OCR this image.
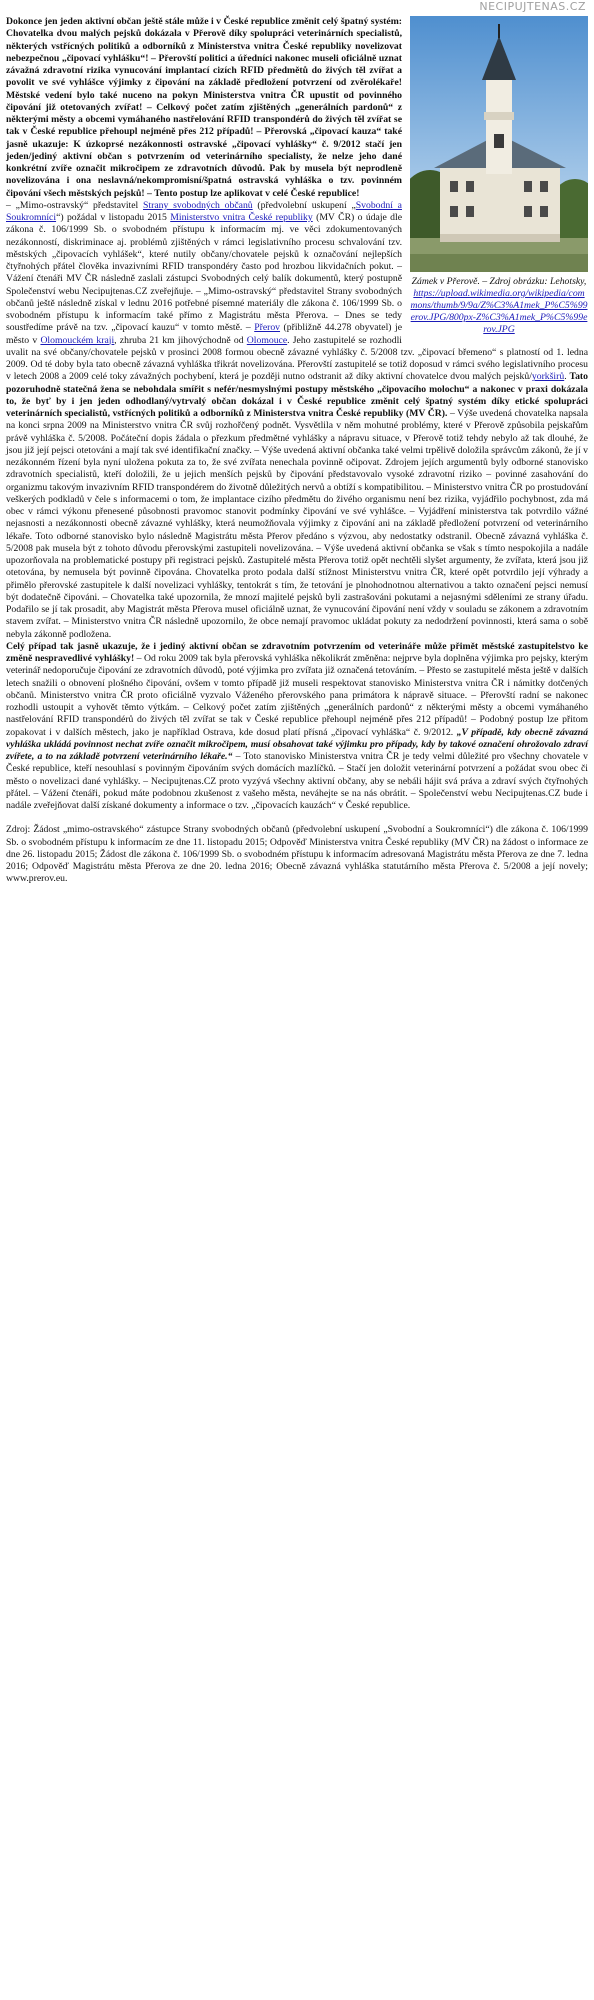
NECIPUJTENAS.CZ
Zámek v Přerově. – Zdroj obrázku: Lehotsky, https://upload.wikimedia.org/wikipedia/commons/thumb/9/9a/Z%C3%A1mek_P%C5%99erov.JPG/800px-Z%C3%A1mek_P%C5%99erov.JPG

Dokonce jen jeden aktivní občan ještě stále může i v České republice změnit celý špatný systém: Chovatelka dvou malých pejsků dokázala v Přerově díky spolupráci veterinárních specialistů, některých vstřícných politiků a odborníků z Ministerstva vnitra České republiky novelizovat nebezpečnou „čipovací vyhlášku“! – Přerovští politici a úředníci nakonec museli oficiálně uznat závažná zdravotní rizika vynucování implantací cizích RFID předmětů do živých těl zvířat a povolit ve své vyhlášce výjimky z čipování na základě předložení potvrzení od zvěrolékaře! Městské vedení bylo také nuceno na pokyn Ministerstva vnitra ČR upustit od povinného čipování již otetovaných zvířat! – Celkový počet zatím zjištěných „generálních pardonů“ z některými městy a obcemi vymáhaného nastřelování RFID transpondérů do živých těl zvířat se tak v České republice přehoupl nejméně přes 212 případů! – Přerovská „čipovací kauza“ také jasně ukazuje: K úzkoprsé nezákonnosti ostravské „čipovací vyhlášky“ č. 9/2012 stačí jen jeden/jediný aktivní občan s potvrzením od veterinárního specialisty, že nelze jeho dané konkrétní zvíře označit mikročipem ze zdravotních důvodů. Pak by musela být neprodleně novelizována i ona neslavná/nekompromisní/špatná ostravská vyhláška o tzv. povinném čipování všech městských pejsků! – Tento postup lze aplikovat v celé České republice!

– „Mimo-ostravský“ představitel Strany svobodných občanů (předvolební uskupení „Svobodní a Soukromníci“) požádal v listopadu 2015 Ministerstvo vnitra České republiky (MV ČR) o údaje dle zákona č. 106/1999 Sb. o svobodném přístupu k informacím mj. ve věci zdokumentovaných nezákonností, diskriminace aj. problémů zjištěných v rámci legislativního procesu schvalování tzv. městských „čipovacích vyhlášek“, které nutily občany/chovatele pejsků k označování nejlepších čtyřnohých přátel člověka invazivními RFID transpondéry často pod hrozbou likvidačních pokut. – Vážení čtenáři MV ČR následně zaslali zástupci Svobodných celý balík dokumentů, který postupně Společenství webu Necipujtenas.CZ zveřejňuje. – „Mimo-ostravský“ představitel Strany svobodných občanů ještě následně získal v lednu 2016 potřebné písemné materiály dle zákona č. 106/1999 Sb. o svobodném přístupu k informacím také přímo z Magistrátu města Přerova. – Dnes se tedy soustředíme právě na tzv. „čipovací kauzu“ v tomto městě. – Přerov (přibližně 44.278 obyvatel) je město v Olomouckém kraji, zhruba 21 km jihovýchodně od Olomouce. Jeho zastupitelé se rozhodli uvalit na své občany/chovatele pejsků v prosinci 2008 formou obecně závazné vyhlášky č. 5/2008 tzv. „čipovací břemeno“ s platností od 1. ledna 2009. Od té doby byla tato obecně závazná vyhláška třikrát novelizována. Přerovští zastupitelé se totiž doposud v rámci svého legislativního procesu v letech 2008 a 2009 celé toky závažných pochybení, která je později nutno odstranit až díky aktivní chovatelce dvou malých pejsků/yorkširů. Tato pozoruhodně statečná žena se nebohdala smířit s nefér/nesmyslnými postupy městského „čipovacího molochu“ a nakonec v praxi dokázala to, že byť by i jen jeden odhodlaný/vytrvalý občan dokázal i v České republice změnit celý špatný systém díky etické spolupráci veterinárních specialistů, vstřícných politiků a odborníků z Ministerstva vnitra České republiky (MV ČR). – Výše uvedená chovatelka napsala na konci srpna 2009 na Ministerstvo vnitra ČR svůj rozhořčený podnět. Vysvětlila v něm mohutné problémy, které v Přerově způsobila pejskařům právě vyhláška č. 5/2008. Počáteční dopis žádala o přezkum předmětné vyhlášky a nápravu situace, v Přerově totiž tehdy nebylo až tak dlouhé, že jsou již její pejsci otetováni a mají tak své identifikační značky. – Výše uvedená aktivní občanka také velmi trpělivě doložila správcům zákonů, že jí v nezákonném řízení byla nyní uložena pokuta za to, že své zvířata nenechala povinně očipovat. Zdrojem jejích argumentů byly odborné stanovisko zdravotních specialistů, kteří doložili, že u jejich menších pejsků by čipování představovalo vysoké zdravotní riziko – povinné zasahování do organizmu takovým invazivním RFID transpondérem do životně důležitých nervů a obtíží s kompatibilitou. – Ministerstvo vnitra ČR po prostudování veškerých podkladů v čele s informacemi o tom, že implantace cizího předmětu do živého organismu není bez rizika, vyjádřilo pochybnost, zda má obec v rámci výkonu přenesené působnosti pravomoc stanovit podmínky čipování ve své vyhlášce. – Vyjádření ministerstva tak potvrdilo vážné nejasnosti a nezákonnosti obecně závazné vyhlášky, která neumožňovala výjimky z čipování ani na základě předložení potvrzení od veterinárního lékaře. Toto odborné stanovisko bylo následně Magistrátu města Přerov předáno s výzvou, aby nedostatky odstranil. Obecně závazná vyhláška č. 5/2008 pak musela být z tohoto důvodu přerovskými zastupiteli novelizována. – Výše uvedená aktivní občanka se však s tímto nespokojila a nadále upozorňovala na problematické postupy při registraci pejsků. Zastupitelé města Přerova totiž opět nechtěli slyšet argumenty, že zvířata, která jsou již otetována, by nemusela být povinně čipována. Chovatelka proto podala další stížnost Ministerstvu vnitra ČR, které opět potvrdilo její výhrady a přimělo přerovské zastupitele k další novelizaci vyhlášky, tentokrát s tím, že tetování je plnohodnotnou alternativou a takto označení pejsci nemusí být dodatečně čipováni. – Chovatelka také upozornila, že mnozí majitelé pejsků byli zastrašováni pokutami a nejasnými sděleními ze strany úřadu. Podařilo se jí tak prosadit, aby Magistrát města Přerova musel oficiálně uznat, že vynucování čipování není vždy v souladu se zákonem a zdravotním stavem zvířat. – Ministerstvo vnitra ČR následně upozornilo, že obce nemají pravomoc ukládat pokuty za nedodržení povinnosti, která sama o sobě nebyla zákonně podložena.

Celý případ tak jasně ukazuje, že i jediný aktivní občan se zdravotním potvrzením od veterináře může přimět městské zastupitelstvo ke změně nespravedlivé vyhlášky! – Od roku 2009 tak byla přerovská vyhláška několikrát změněna: nejprve byla doplněna výjimka pro pejsky, kterým veterinář nedoporučuje čipování ze zdravotních důvodů, poté výjimka pro zvířata již označená tetováním. – Přesto se zastupitelé města ještě v dalších letech snažili o obnovení plošného čipování, ovšem v tomto případě již museli respektovat stanovisko Ministerstva vnitra ČR i námitky dotčených občanů. Ministerstvo vnitra ČR proto oficiálně vyzvalo Váženého přerovského pana primátora k nápravě situace. – Přerovští radní se nakonec rozhodli ustoupit a vyhovět těmto výtkám. – Celkový počet zatím zjištěných „generálních pardonů“ z některými městy a obcemi vymáhaného nastřelování RFID transpondérů do živých těl zvířat se tak v České republice přehoupl nejméně přes 212 případů! – Podobný postup lze přitom zopakovat i v dalších městech, jako je například Ostrava, kde dosud platí přísná „čipovací vyhláška“ č. 9/2012. „V případě, kdy obecně závazná vyhláška ukládá povinnost nechat zvíře označit mikročipem, musí obsahovat také výjimku pro případy, kdy by takové označení ohrožovalo zdraví zvířete, a to na základě potvrzení veterinárního lékaře.“ – Toto stanovisko Ministerstva vnitra ČR je tedy velmi důležité pro všechny chovatele v České republice, kteří nesouhlasí s povinným čipováním svých domácích mazlíčků. – Stačí jen doložit veterinární potvrzení a požádat svou obec či město o novelizaci dané vyhlášky. – Necipujtenas.CZ proto vyzývá všechny aktivní občany, aby se nebáli hájit svá práva a zdraví svých čtyřnohých přátel. – Vážení čtenáři, pokud máte podobnou zkušenost z vašeho města, neváhejte se na nás obrátit. – Společenství webu Necipujtenas.CZ bude i nadále zveřejňovat další získané dokumenty a informace o tzv. „čipovacích kauzách“ v České republice.

Zdroj: Žádost „mimo-ostravského“ zástupce Strany svobodných občanů (předvolební uskupení „Svobodní a Soukromníci“) dle zákona č. 106/1999 Sb. o svobodném přístupu k informacím ze dne 11. listopadu 2015; Odpověď Ministerstva vnitra České republiky (MV ČR) na žádost o informace ze dne 26. listopadu 2015; Žádost dle zákona č. 106/1999 Sb. o svobodném přístupu k informacím adresovaná Magistrátu města Přerova ze dne 7. ledna 2016; Odpověď Magistrátu města Přerova ze dne 20. ledna 2016; Obecně závazná vyhláška statutárního města Přerova č. 5/2008 a její novely; www.prerov.eu.
